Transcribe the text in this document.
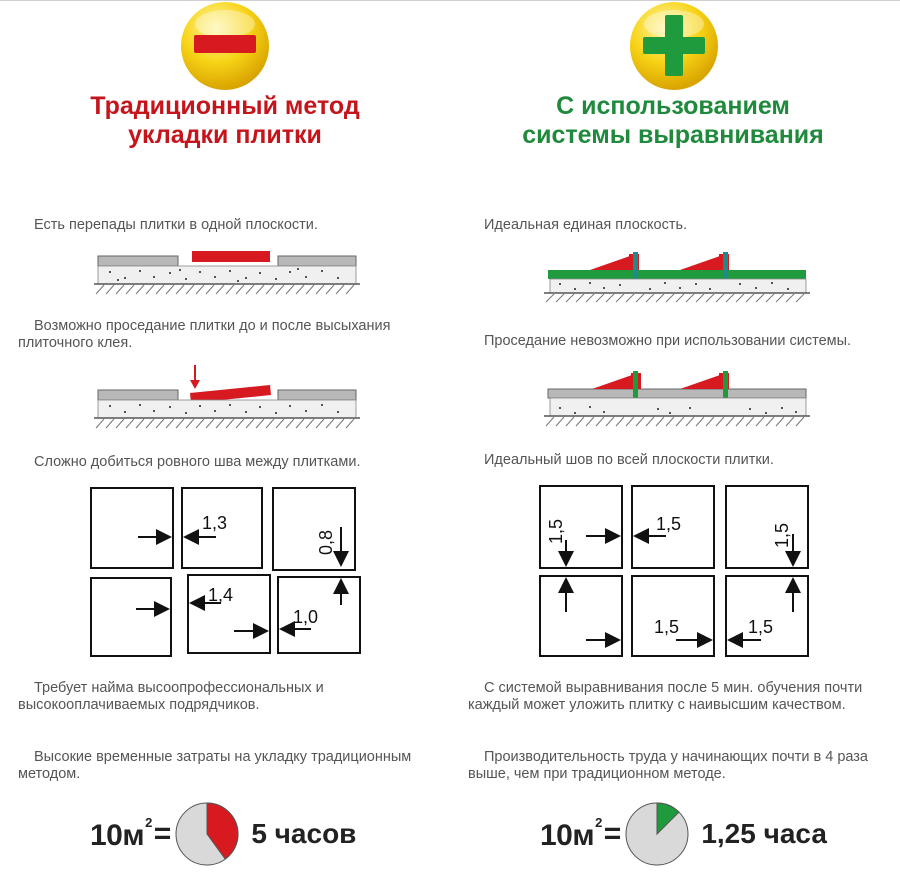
Традиционный метод
укладки плитки

Есть перепады плитки в одной плоскости.

Возможно проседание плитки до и после высыхания плиточного клея.

Сложно добиться ровного шва между плитками.

1,3
0,8
1,4
1,0

Требует найма высоопрофессиональных и высокооплачиваемых подрядчиков.

Высокие временные затраты на укладку традиционным методом.

$10м^2$ =	5 часов

С использованием
системы выравнивания

Идеальная единая плоскость.

Проседание невозможно при использовании системы.

Идеальный шов по всей плоскости плитки.

1,5	1,5	1,5
1,5	1,5

С системой выравнивания после 5 мин. обучения почти каждый может уложить плитку с наивысшим качеством.

Производительность труда у начинающих почти в 4 раза выше, чем при традиционном методе.

$10м^2$ =	1,25 часа
